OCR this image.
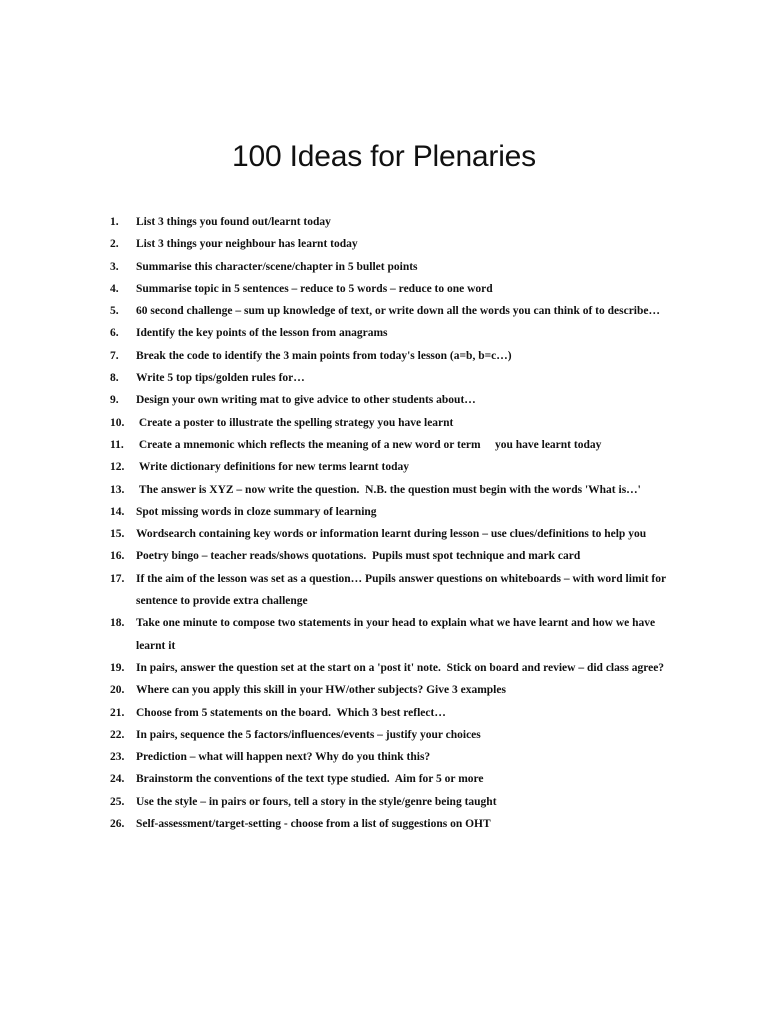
100 Ideas for Plenaries
1.	List 3 things you found out/learnt today
2.	List 3 things your neighbour has learnt today
3.	Summarise this character/scene/chapter in 5 bullet points
4.	Summarise topic in 5 sentences – reduce to 5 words – reduce to one word
5.	60 second challenge – sum up knowledge of text, or write down all the words you can think of to describe…
6.	Identify the key points of the lesson from anagrams
7.	Break the code to identify the 3 main points from today's lesson (a=b, b=c…)
8.	Write 5 top tips/golden rules for…
9.	Design your own writing mat to give advice to other students about…
10.	Create a poster to illustrate the spelling strategy you have learnt
11.	Create a mnemonic which reflects the meaning of a new word or term     you have learnt today
12.	Write dictionary definitions for new terms learnt today
13.	The answer is XYZ – now write the question.  N.B. the question must begin with the words 'What is…'
14.	Spot missing words in cloze summary of learning
15.	Wordsearch containing key words or information learnt during lesson – use clues/definitions to help you
16.	Poetry bingo – teacher reads/shows quotations.  Pupils must spot technique and mark card
17.	If the aim of the lesson was set as a question… Pupils answer questions on whiteboards – with word limit for sentence to provide extra challenge
18.	Take one minute to compose two statements in your head to explain what we have learnt and how we have learnt it
19.	In pairs, answer the question set at the start on a 'post it' note.  Stick on board and review – did class agree?
20.	Where can you apply this skill in your HW/other subjects? Give 3 examples
21.	Choose from 5 statements on the board.  Which 3 best reflect…
22.	In pairs, sequence the 5 factors/influences/events – justify your choices
23.	Prediction – what will happen next? Why do you think this?
24.	Brainstorm the conventions of the text type studied.  Aim for 5 or more
25.	Use the style – in pairs or fours, tell a story in the style/genre being taught
26.	Self-assessment/target-setting - choose from a list of suggestions on OHT
